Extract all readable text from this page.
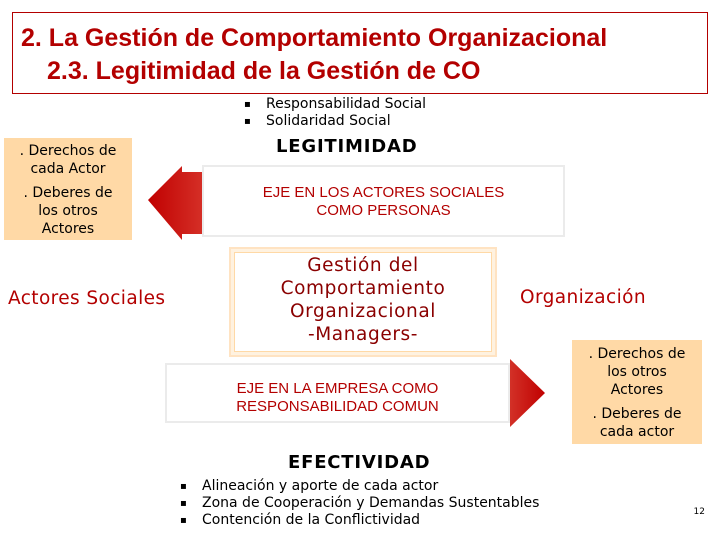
2. La Gestión de Comportamiento Organizacional
2.3. Legitimidad de la Gestión de CO
▪ Responsabilidad Social
▪ Solidaridad Social
LEGITIMIDAD
. Derechos de
cada Actor
. Deberes de
los otros
Actores
EJE EN LOS ACTORES SOCIALES
COMO PERSONAS
Actores Sociales
Gestión del
Comportamiento
Organizacional
-Managers-
Organización
. Derechos de
los otros
Actores
. Deberes de
cada actor
EJE EN LA EMPRESA COMO
RESPONSABILIDAD COMUN
EFECTIVIDAD
▪ Alineación y aporte de cada actor
▪ Zona de Cooperación y Demandas Sustentables
▪ Contención de la Conflictividad	12
